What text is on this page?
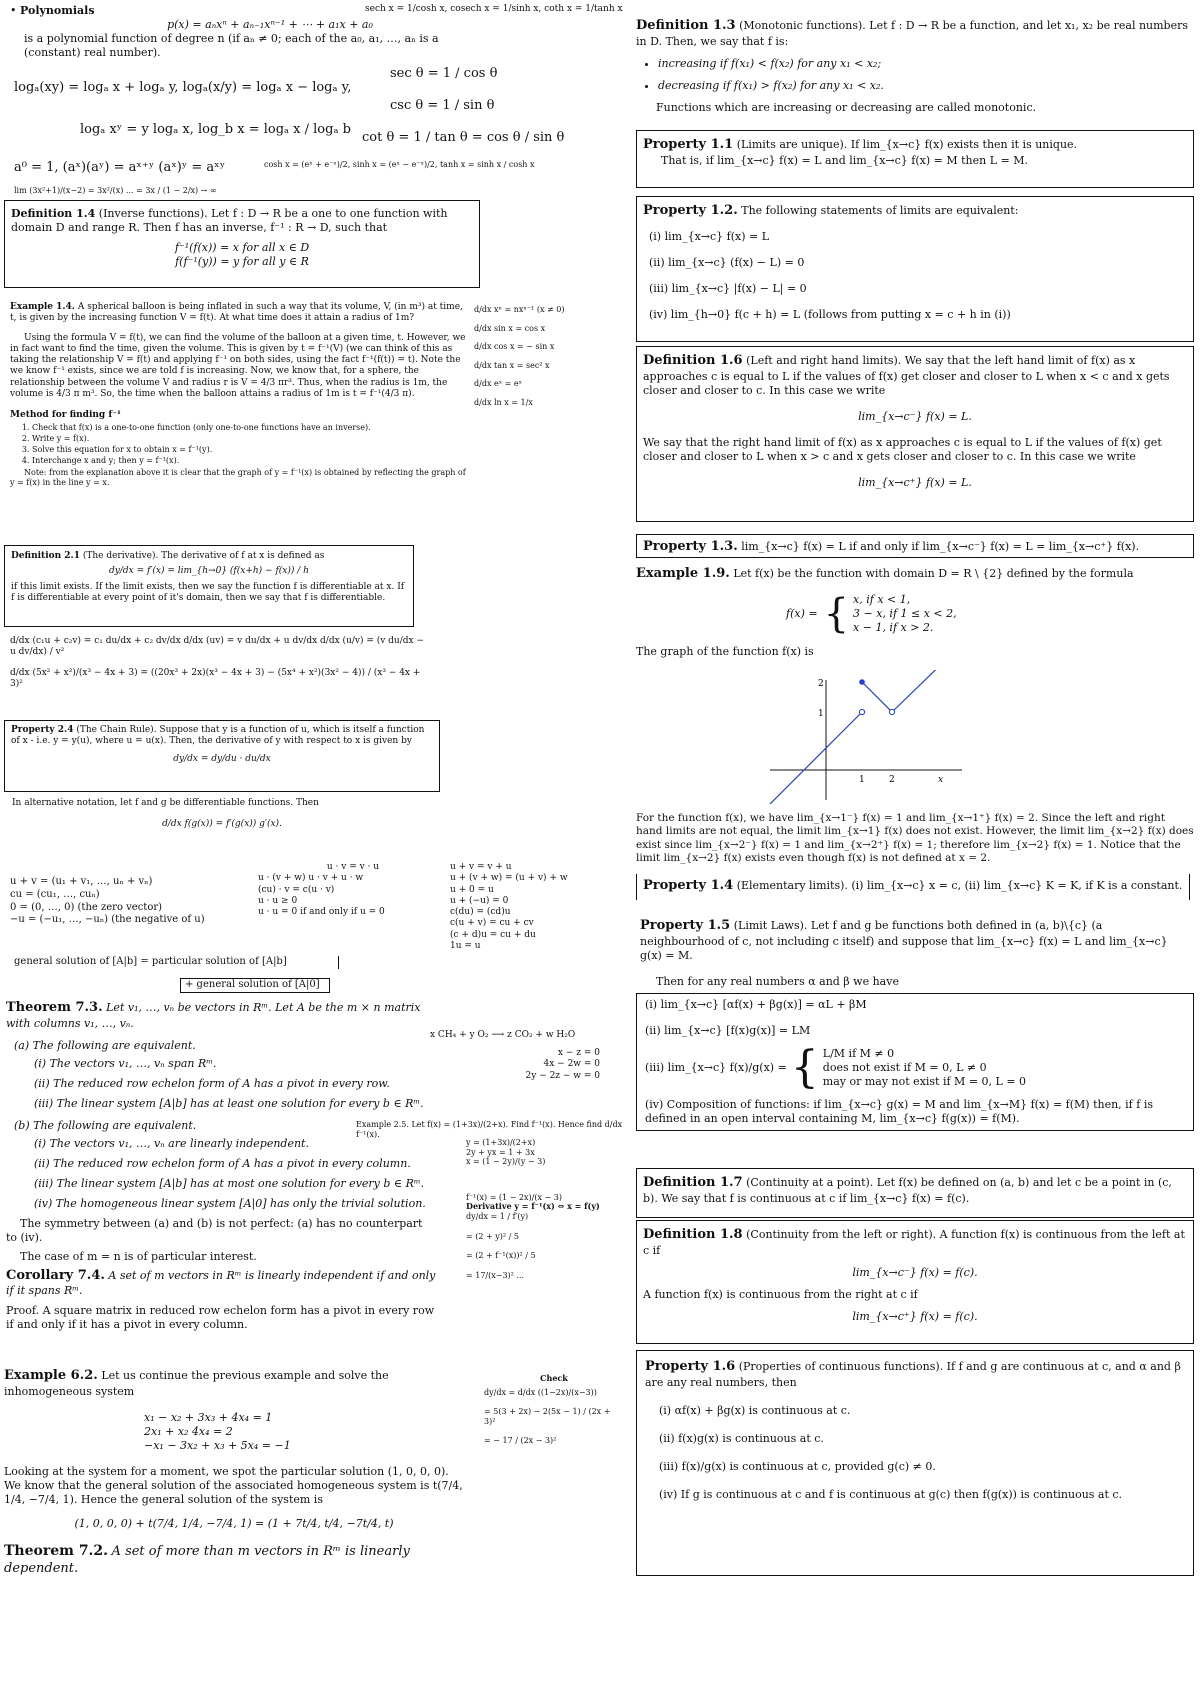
• Polynomials
p(x) = aₙxⁿ + aₙ₋₁xⁿ⁻¹ + ⋯ + a₁x + a₀
is a polynomial function of degree n (if aₙ ≠ 0; each of the a₀, a₁, …, aₙ is a (constant) real number).
sech x = 1/cosh x, cosech x = 1/sinh x, coth x = 1/tanh x
logₐ(xy) = logₐ x + logₐ y, logₐ(x/y) = logₐ x − logₐ y,
logₐ xʸ = y logₐ x, log_b x = logₐ x / logₐ b
sec θ = 1 / cos θ
csc θ = 1 / sin θ
cot θ = 1 / tan θ = cos θ / sin θ
a⁰ = 1, (aˣ)(aʸ) = aˣ⁺ʸ (aˣ)ʸ = aˣʸ	cosh x = (eˣ + e⁻ˣ)/2, sinh x = (eˣ − e⁻ˣ)/2, tanh x = sinh x / cosh x
lim (3x²+1)/(x−2) = 3x²/(x) ... = 3x / (1 − 2/x) → ∞
Definition 1.4 (Inverse functions). Let f : D → R be a one to one function with domain D and range R. Then f has an inverse, f⁻¹ : R → D, such that
f⁻¹(f(x)) = x for all x ∈ D
f(f⁻¹(y)) = y for all y ∈ R
Example 1.4. A spherical balloon is being inflated in such a way that its volume, V, (in m³) at time, t, is given by the increasing function V = f(t). At what time does it attain a radius of 1m?
Using the formula V = f(t), we can find the volume of the balloon at a given time, t. However, we in fact want to find the time, given the volume. This is given by t = f⁻¹(V) (we can think of this as taking the relationship V = f(t) and applying f⁻¹ on both sides, using the fact f⁻¹(f(t)) = t). Note the we know f⁻¹ exists, since we are told f is increasing. Now, we know that, for a sphere, the relationship between the volume V and radius r is V = 4/3 πr³. Thus, when the radius is 1m, the volume is 4/3 π m³. So, the time when the balloon attains a radius of 1m is t = f⁻¹(4/3 π).
Method for finding f⁻¹
1. Check that f(x) is a one-to-one function (only one-to-one functions have an inverse).
2. Write y = f(x).
3. Solve this equation for x to obtain x = f⁻¹(y).
4. Interchange x and y; then y = f⁻¹(x).
Note: from the explanation above it is clear that the graph of y = f⁻¹(x) is obtained by reflecting the graph of y = f(x) in the line y = x.
d/dx xⁿ = nxⁿ⁻¹ (x ≠ 0)
d/dx sin x = cos x
d/dx cos x = − sin x
d/dx tan x = sec² x
d/dx eˣ = eˣ
d/dx ln x = 1/x
Definition 2.1 (The derivative). The derivative of f at x is defined as
dy/dx = f′(x) = lim_{h→0} (f(x+h) − f(x)) / h
if this limit exists. If the limit exists, then we say the function f is differentiable at x. If f is differentiable at every point of it's domain, then we say that f is differentiable.
d/dx (c₁u + c₂v) = c₁ du/dx + c₂ dv/dx d/dx (uv) = v du/dx + u dv/dx d/dx (u/v) = (v du/dx − u dv/dx) / v²
d/dx (5x² + x²)/(x³ − 4x + 3) = ((20x³ + 2x)(x³ − 4x + 3) − (5x⁴ + x²)(3x² − 4)) / (x³ − 4x + 3)²
Property 2.4 (The Chain Rule). Suppose that y is a function of u, which is itself a function of x - i.e. y = y(u), where u = u(x). Then, the derivative of y with respect to x is given by
dy/dx = dy/du · du/dx
In alternative notation, let f and g be differentiable functions. Then
d/dx f(g(x)) = f′(g(x)) g′(x).
u + v = (u₁ + v₁, …, uₙ + vₙ)
cu = (cu₁, …, cuₙ)
0 = (0, …, 0) (the zero vector)
−u = (−u₁, …, −uₙ) (the negative of u)
u · v = v · u
u · (v + w) u · v + u · w
(cu) · v = c(u · v)
u · u ≥ 0
u · u = 0 if and only if u = 0
u + v = v + u
u + (v + w) = (u + v) + w
u + 0 = u
u + (−u) = 0
c(du) = (cd)u
c(u + v) = cu + cv
(c + d)u = cu + du
1u = u
general solution of [A|b] = particular solution of [A|b]
+ general solution of [A|0]
Theorem 7.3. Let v₁, …, vₙ be vectors in Rᵐ. Let A be the m × n matrix with columns v₁, …, vₙ.
(a) The following are equivalent.
(i) The vectors v₁, …, vₙ span Rᵐ.
(ii) The reduced row echelon form of A has a pivot in every row.
(iii) The linear system [A|b] has at least one solution for every b ∈ Rᵐ.
(b) The following are equivalent.
(i) The vectors v₁, …, vₙ are linearly independent.
(ii) The reduced row echelon form of A has a pivot in every column.
(iii) The linear system [A|b] has at most one solution for every b ∈ Rᵐ.
(iv) The homogeneous linear system [A|0] has only the trivial solution.
The symmetry between (a) and (b) is not perfect: (a) has no counterpart to (iv).
The case of m = n is of particular interest.
Corollary 7.4. A set of m vectors in Rᵐ is linearly independent if and only if it spans Rᵐ.
Proof. A square matrix in reduced row echelon form has a pivot in every row if and only if it has a pivot in every column.
Example 6.2. Let us continue the previous example and solve the inhomogeneous system
x₁ − x₂ + 3x₃ + 4x₄ = 1
2x₁ + x₂ 4x₄ = 2
−x₁ − 3x₂ + x₃ + 5x₄ = −1
Looking at the system for a moment, we spot the particular solution (1, 0, 0, 0). We know that the general solution of the associated homogeneous system is t(7/4, 1/4, −7/4, 1). Hence the general solution of the system is
(1, 0, 0, 0) + t(7/4, 1/4, −7/4, 1) = (1 + 7t/4, t/4, −7t/4, t)
Theorem 7.2. A set of more than m vectors in Rᵐ is linearly dependent.
x CH₄ + y O₂ ⟶ z CO₂ + w H₂O
x − z = 0
4x − 2w = 0
2y − 2z − w = 0
Example 2.5. Let f(x) = (1+3x)/(2+x). Find f⁻¹(x). Hence find d/dx f⁻¹(x).
y = (1+3x)/(2+x)
2y + yx = 1 + 3x
x = (1 − 2y)/(y − 3)
f⁻¹(x) = (1 − 2x)/(x − 3)
Derivative y = f⁻¹(x) ⇔ x = f(y)
dy/dx = 1 / f′(y)
= (2 + y)² / 5
= (2 + f⁻¹(x))² / 5
= 17/(x−3)² ...
Check
dy/dx = d/dx ((1−2x)/(x−3))
= 5(3 + 2x) − 2(5x − 1) / (2x + 3)²
= − 17 / (2x − 3)²
Definition 1.3 (Monotonic functions). Let f : D → R be a function, and let x₁, x₂ be real numbers in D. Then, we say that f is:
• increasing if f(x₁) < f(x₂) for any x₁ < x₂;
• decreasing if f(x₁) > f(x₂) for any x₁ < x₂.
Functions which are increasing or decreasing are called monotonic.
Property 1.1 (Limits are unique). If lim_{x→c} f(x) exists then it is unique.
That is, if lim_{x→c} f(x) = L and lim_{x→c} f(x) = M then L = M.
Property 1.2. The following statements of limits are equivalent:
(i) lim_{x→c} f(x) = L
(ii) lim_{x→c} (f(x) − L) = 0
(iii) lim_{x→c} |f(x) − L| = 0
(iv) lim_{h→0} f(c + h) = L (follows from putting x = c + h in (i))
Definition 1.6 (Left and right hand limits). We say that the left hand limit of f(x) as x approaches c is equal to L if the values of f(x) get closer and closer to L when x < c and x gets closer and closer to c. In this case we write
lim_{x→c⁻} f(x) = L.
We say that the right hand limit of f(x) as x approaches c is equal to L if the values of f(x) get closer and closer to L when x > c and x gets closer and closer to c. In this case we write
lim_{x→c⁺} f(x) = L.
Property 1.3. lim_{x→c} f(x) = L if and only if lim_{x→c⁻} f(x) = L = lim_{x→c⁺} f(x).
Example 1.9. Let f(x) be the function with domain D = R \ {2} defined by the formula
f(x) = { x, if x < 1,
3 − x, if 1 ≤ x < 2,
x − 1, if x > 2.
The graph of the function f(x) is
2
1
1	2	x
For the function f(x), we have lim_{x→1⁻} f(x) = 1 and lim_{x→1⁺} f(x) = 2. Since the left and right hand limits are not equal, the limit lim_{x→1} f(x) does not exist. However, the limit lim_{x→2} f(x) does exist since lim_{x→2⁻} f(x) = 1 and lim_{x→2⁺} f(x) = 1; therefore lim_{x→2} f(x) = 1. Notice that the limit lim_{x→2} f(x) exists even though f(x) is not defined at x = 2.
Property 1.4 (Elementary limits). (i) lim_{x→c} x = c, (ii) lim_{x→c} K = K, if K is a constant.
Property 1.5 (Limit Laws). Let f and g be functions both defined in (a, b)\{c} (a neighbourhood of c, not including c itself) and suppose that lim_{x→c} f(x) = L and lim_{x→c} g(x) = M.
Then for any real numbers α and β we have
(i) lim_{x→c} [αf(x) + βg(x)] = αL + βM
(ii) lim_{x→c} [f(x)g(x)] = LM
(iii) lim_{x→c} f(x)/g(x) = { L/M if M ≠ 0
does not exist if M = 0, L ≠ 0
may or may not exist if M = 0, L = 0
(iv) Composition of functions: if lim_{x→c} g(x) = M and lim_{x→M} f(x) = f(M) then, if f is defined in an open interval containing M, lim_{x→c} f(g(x)) = f(M).
Definition 1.7 (Continuity at a point). Let f(x) be defined on (a, b) and let c be a point in (c, b). We say that f is continuous at c if lim_{x→c} f(x) = f(c).
Definition 1.8 (Continuity from the left or right). A function f(x) is continuous from the left at c if
lim_{x→c⁻} f(x) = f(c).
A function f(x) is continuous from the right at c if
lim_{x→c⁺} f(x) = f(c).
Property 1.6 (Properties of continuous functions). If f and g are continuous at c, and α and β are any real numbers, then
(i) αf(x) + βg(x) is continuous at c.
(ii) f(x)g(x) is continuous at c.
(iii) f(x)/g(x) is continuous at c, provided g(c) ≠ 0.
(iv) If g is continuous at c and f is continuous at g(c) then f(g(x)) is continuous at c.
